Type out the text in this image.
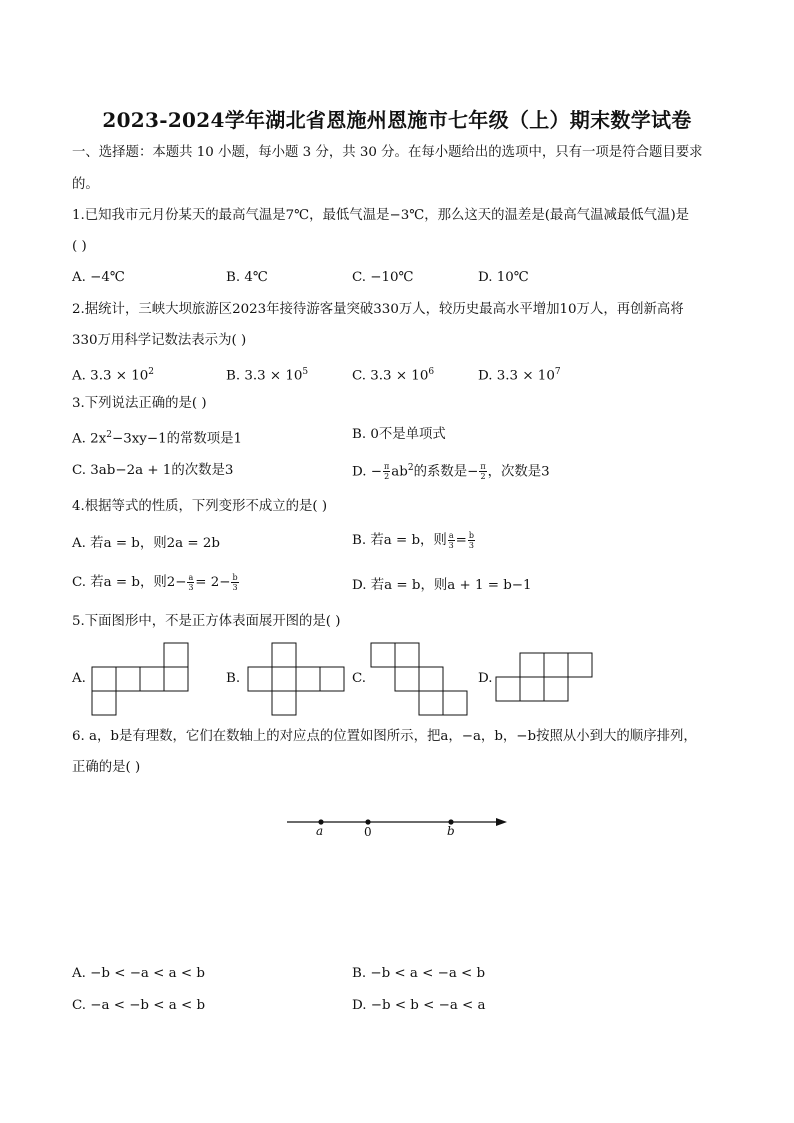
2023-2024学年湖北省恩施州恩施市七年级（上）期末数学试卷
一、选择题：本题共 10 小题，每小题 3 分，共 30 分。在每小题给出的选项中，只有一项是符合题目要求
的。
1.已知我市元月份某天的最高气温是7℃，最低气温是−3℃，那么这天的温差是(最高气温减最低气温)是
( )
A. −4℃	B. 4℃	C. −10℃	D. 10℃
2.据统计，三峡大坝旅游区2023年接待游客量突破330万人，较历史最高水平增加10万人，再创新高将
330万用科学记数法表示为( )
A. $3.3 \times 10^2$	B. $3.3 \times 10^5$	C. $3.3 \times 10^6$	D. $3.3 \times 10^7$
3.下列说法正确的是( )
A. $2x^2-3xy-1$的常数项是1	B. 0不是单项式
C. 3ab−2a + 1的次数是3	D. − $\frac{\pi}{2} ab^2$的系数是− $\frac{\pi}{2}$ ，次数是3
4.根据等式的性质，下列变形不成立的是( )
A. 若a = b，则2a = 2b	B. 若a = b，则 $\frac{a}{3} = \frac{b}{3}$
C. 若a = b，则$2- \frac{a}{3} = 2- \frac{b}{3}$	D. 若a = b，则a + 1 = b−1
5.下面图形中，不是正方体表面展开图的是( )
A.	B.	C.	D.
6. a，b是有理数，它们在数轴上的对应点的位置如图所示，把a，−a，b，−b按照从小到大的顺序排列，
正确的是( )
a	0	b
A. −b < −a < a < b	B. −b < a < −a < b
C. −a < −b < a < b	D. −b < b < −a < a
